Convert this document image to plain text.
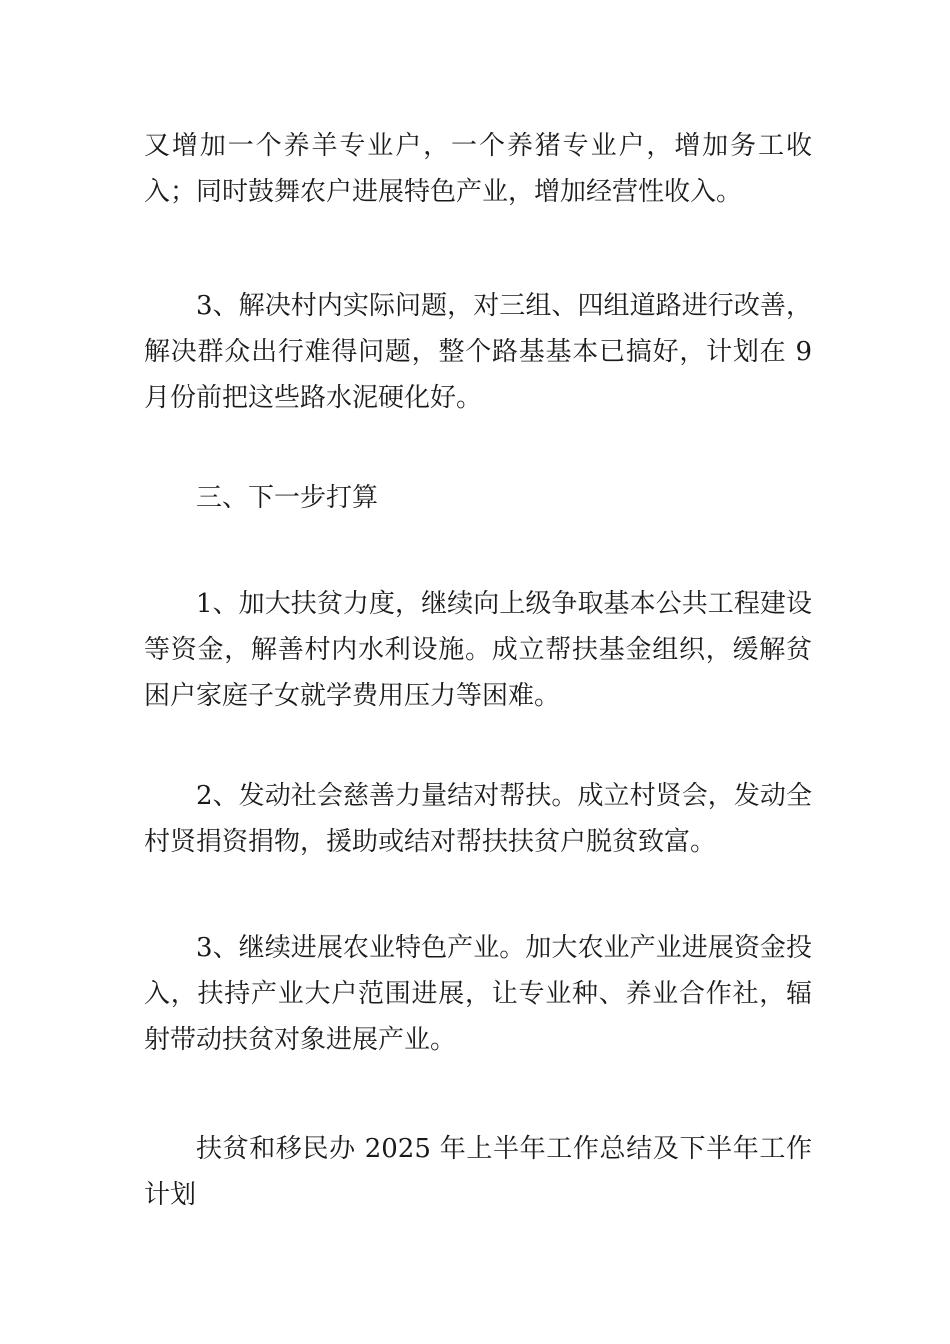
又增加一个养羊专业户，一个养猪专业户，增加务工收入；同时鼓舞农户进展特色产业，增加经营性收入。

3、解决村内实际问题，对三组、四组道路进行改善，解决群众出行难得问题，整个路基基本已搞好，计划在 9 月份前把这些路水泥硬化好。

三、下一步打算

1、加大扶贫力度，继续向上级争取基本公共工程建设等资金，解善村内水利设施。成立帮扶基金组织，缓解贫困户家庭子女就学费用压力等困难。

2、发动社会慈善力量结对帮扶。成立村贤会，发动全村贤捐资捐物，援助或结对帮扶扶贫户脱贫致富。

3、继续进展农业特色产业。加大农业产业进展资金投入，扶持产业大户范围进展，让专业种、养业合作社，辐射带动扶贫对象进展产业。

扶贫和移民办 2025 年上半年工作总结及下半年工作计划
